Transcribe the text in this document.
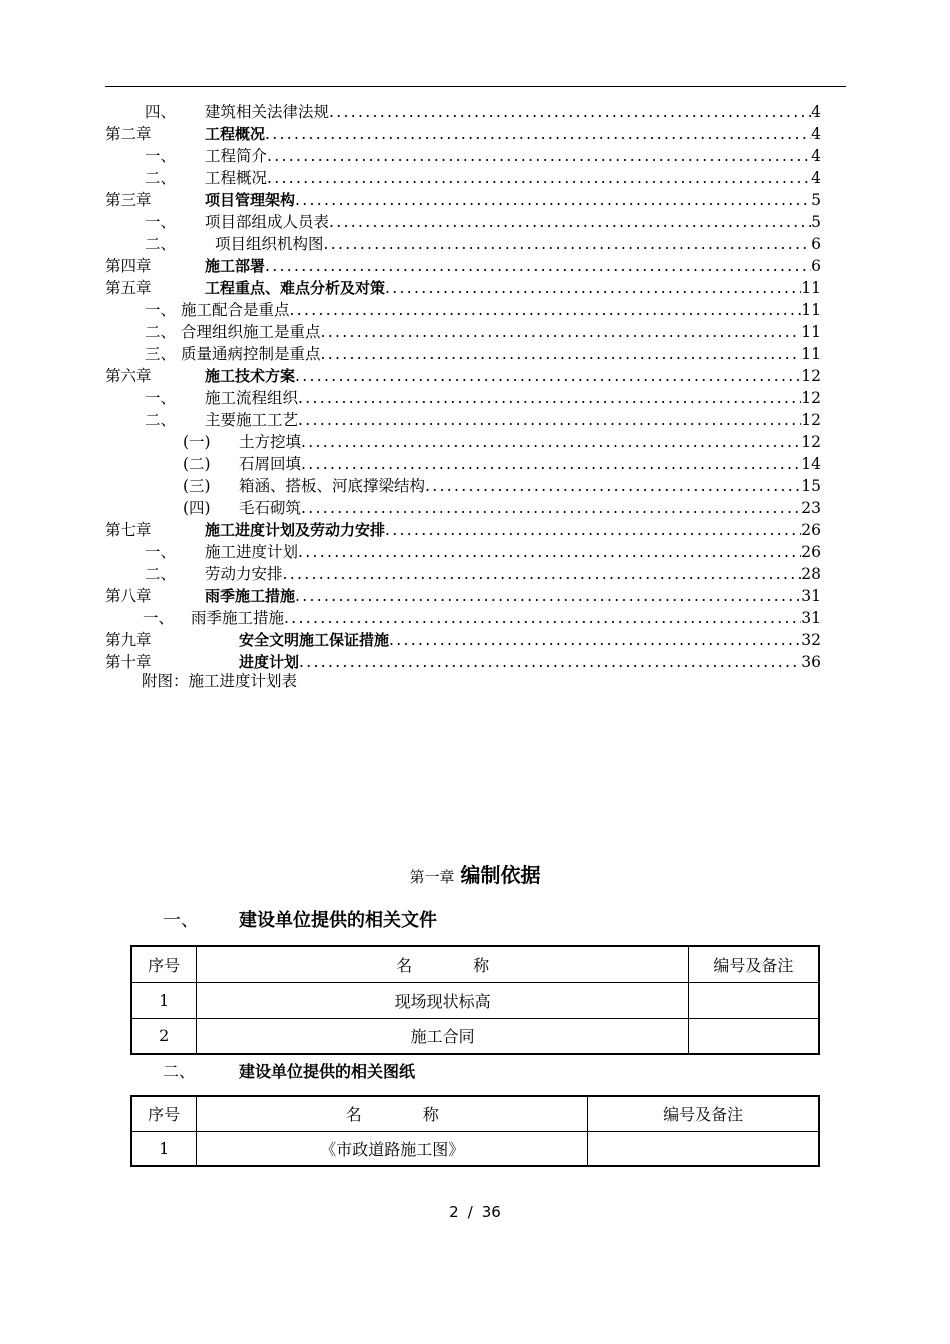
四、 建筑相关法律法规 . . .	4
第二章	工程概况 . . .	4
一、 工程简介 . . .	4
二、 工程概况 . . .	4
第三章	项目管理架构 . . .	5
一、 项目部组成人员表 . . .	5
二、	项目组织机构图 . . .	6
第四章	施工部署 . . .	6
第五章	工程重点、难点分析及对策 . . .	11
一、 施工配合是重点 . . .	11
二、 合理组织施工是重点 . . .	11
三、 质量通病控制是重点 . . .	11
第六章	施工技术方案 . . .	12
一、 施工流程组织 . . .	12
二、 主要施工工艺 . . .	12
(一) 土方挖填 . . .	12
(二) 石屑回填 . . .	14
(三) 箱涵、搭板、河底撑梁结构 . . .	15
(四) 毛石砌筑 . . .	23
第七章	施工进度计划及劳动力安排 . . .	26
一、 施工进度计划 . . .	26
二、 劳动力安排 . . .	28
第八章	雨季施工措施 . . .	31
一、 雨季施工措施 . . .	31
第九章	安全文明施工保证措施 . . .	32
第十章	进度计划 . . .	36
附图：施工进度计划表
第一章 编制依据
一、 建设单位提供的相关文件
序号	名            称	编号及备注
1	现场现状标高	
2	施工合同	
二、	建设单位提供的相关图纸
序号	名            称	编号及备注
1	《市政道路施工图》	
2 / 36
